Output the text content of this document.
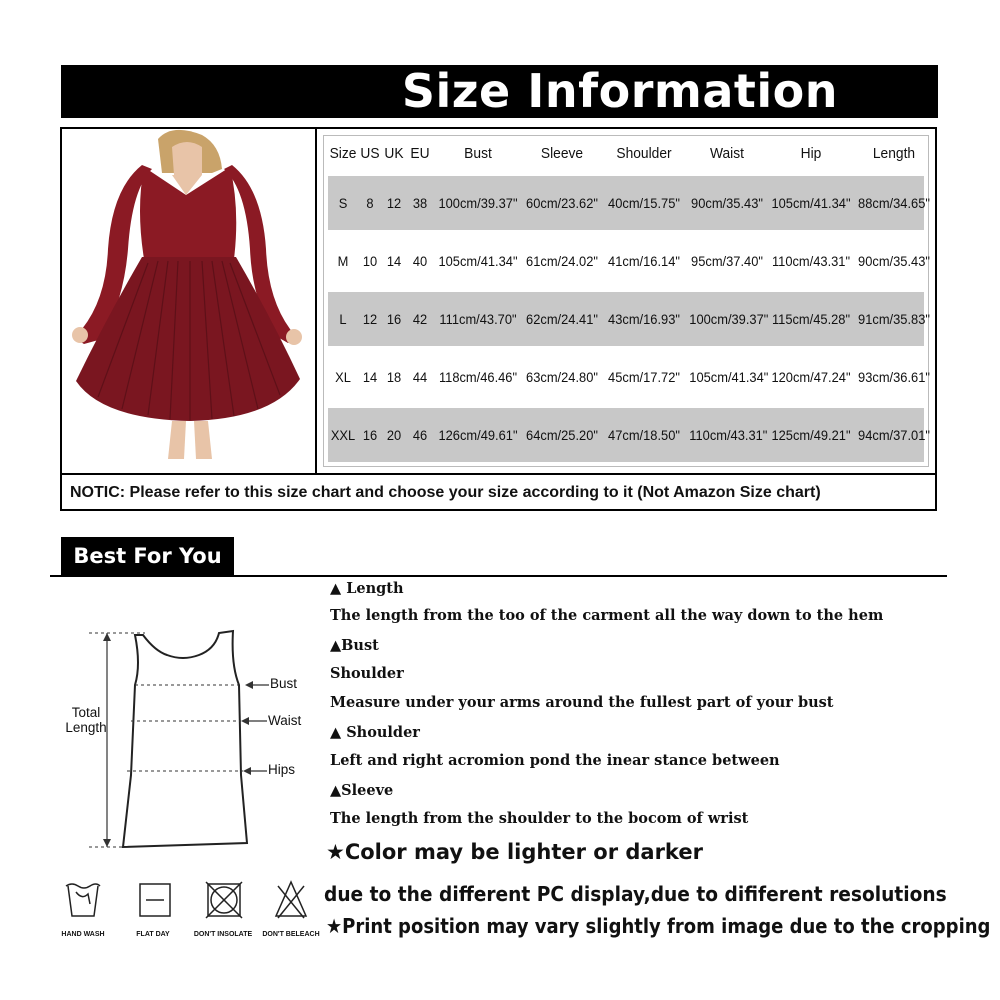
Size Information
Size US UK EU	Bust	Sleeve	Shoulder	Waist	Hip	Length
S	8 12 38 100cm/39.37" 60cm/23.62" 40cm/15.75" 90cm/35.43" 105cm/41.34" 88cm/34.65"
M	10 14 40 105cm/41.34" 61cm/24.02" 41cm/16.14" 95cm/37.40" 110cm/43.31" 90cm/35.43"
L	12 16 42 111cm/43.70" 62cm/24.41" 43cm/16.93" 100cm/39.37" 115cm/45.28" 91cm/35.83"
XL 14 18 44 118cm/46.46" 63cm/24.80" 45cm/17.72" 105cm/41.34" 120cm/47.24" 93cm/36.61"
XXL 16 20 46 126cm/49.61" 64cm/25.20" 47cm/18.50" 110cm/43.31" 125cm/49.21" 94cm/37.01"
NOTIC: Please refer to this size chart and choose your size according to it (Not Amazon Size chart)
Best For You
Total
Length
Bust
Waist
Hips
▲ Length
The length from the too of the carment all the way down to the hem
▲Bust
Shoulder
Measure under your arms around the fullest part of your bust
▲ Shoulder
Left and right acromion pond the inear stance between
▲Sleeve
The length from the shoulder to the bocom of wrist
★Color may be lighter or darker
due to the different PC display,due to dififerent resolutions
★Print position may vary slightly from image due to the cropping
HAND WASH	FLAT DAY	DON'T INSOLATE	DON'T BELEACH
